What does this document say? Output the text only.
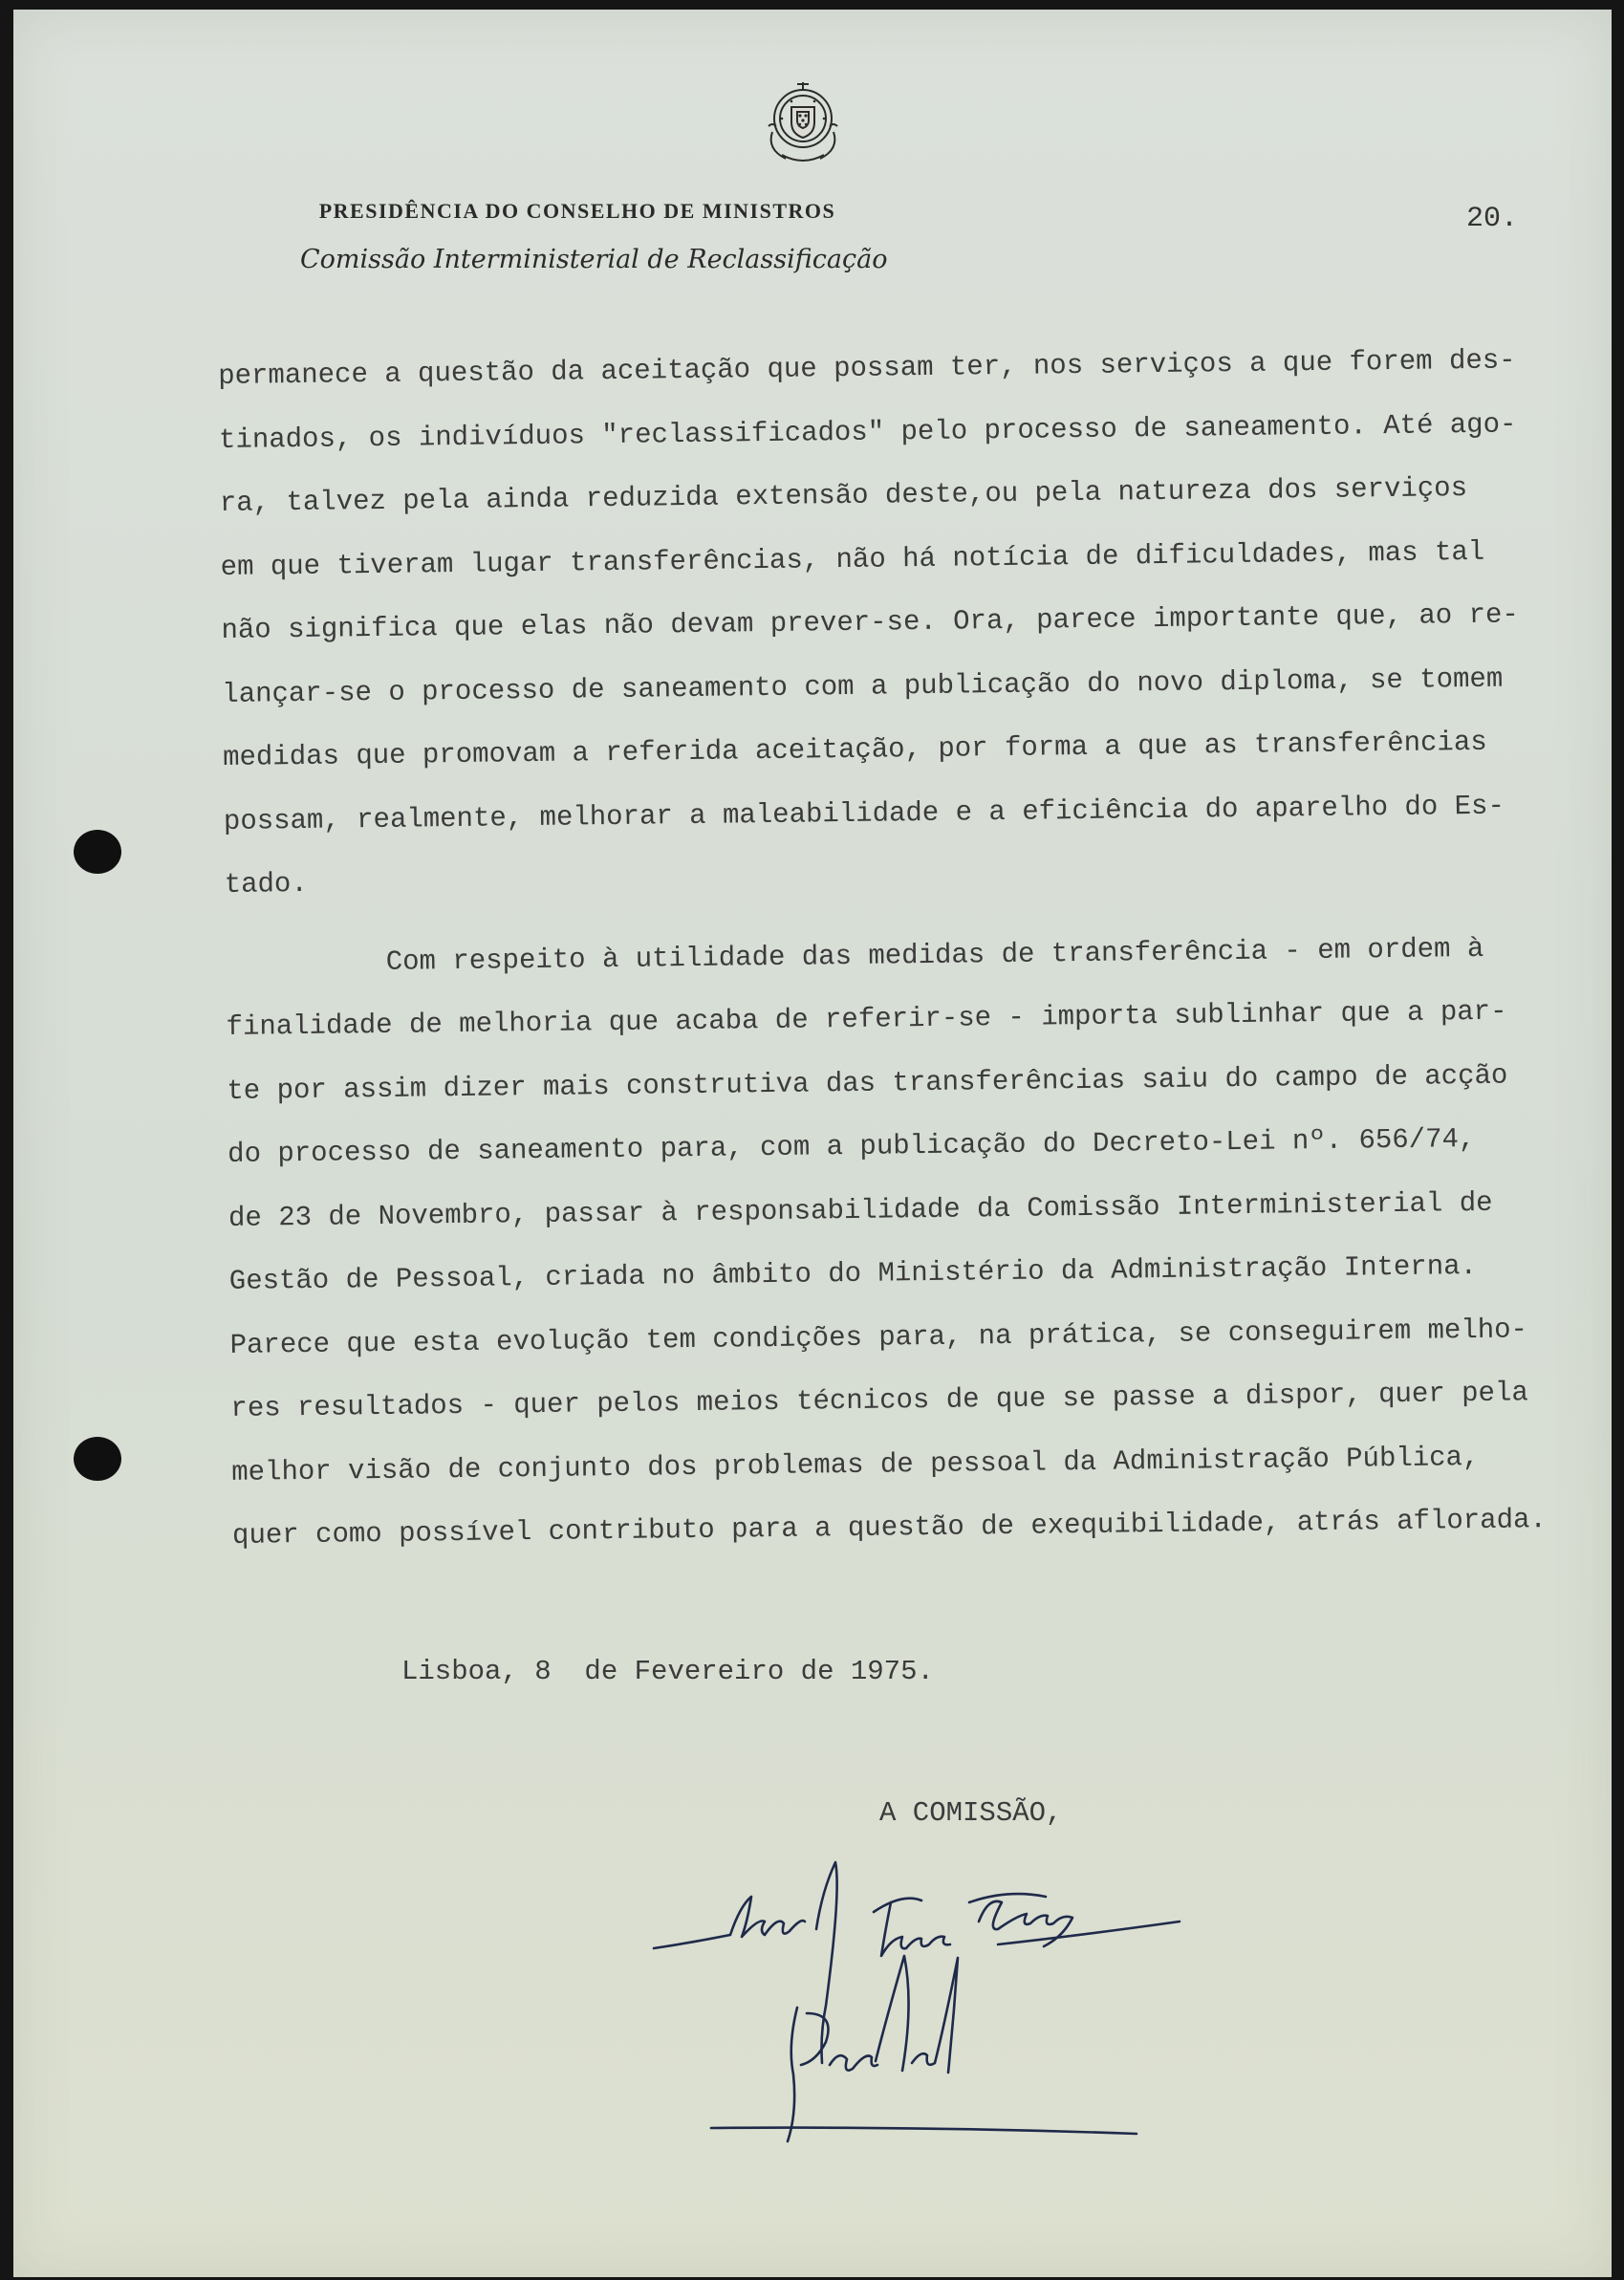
PRESIDÊNCIA DO CONSELHO DE MINISTROS
Comissão Interministerial de Reclassificação
20.
permanece a questão da aceitação que possam ter, nos serviços a que forem des-
tinados, os indivíduos "reclassificados" pelo processo de saneamento. Até ago-
ra, talvez pela ainda reduzida extensão deste,ou pela natureza dos serviços
em que tiveram lugar transferências, não há notícia de dificuldades, mas tal
não significa que elas não devam prever-se. Ora, parece importante que, ao re-
lançar-se o processo de saneamento com a publicação do novo diploma, se tomem
medidas que promovam a referida aceitação, por forma a que as transferências
possam, realmente, melhorar a maleabilidade e a eficiência do aparelho do Es-
tado.
Com respeito à utilidade das medidas de transferência - em ordem à
finalidade de melhoria que acaba de referir-se - importa sublinhar que a par-
te por assim dizer mais construtiva das transferências saiu do campo de acção
do processo de saneamento para, com a publicação do Decreto-Lei nº. 656/74,
de 23 de Novembro, passar à responsabilidade da Comissão Interministerial de
Gestão de Pessoal, criada no âmbito do Ministério da Administração Interna.
Parece que esta evolução tem condições para, na prática, se conseguirem melho-
res resultados - quer pelos meios técnicos de que se passe a dispor, quer pela
melhor visão de conjunto dos problemas de pessoal da Administração Pública,
quer como possível contributo para a questão de exequibilidade, atrás aflorada.
Lisboa, 8  de Fevereiro de 1975.
A COMISSÃO,
